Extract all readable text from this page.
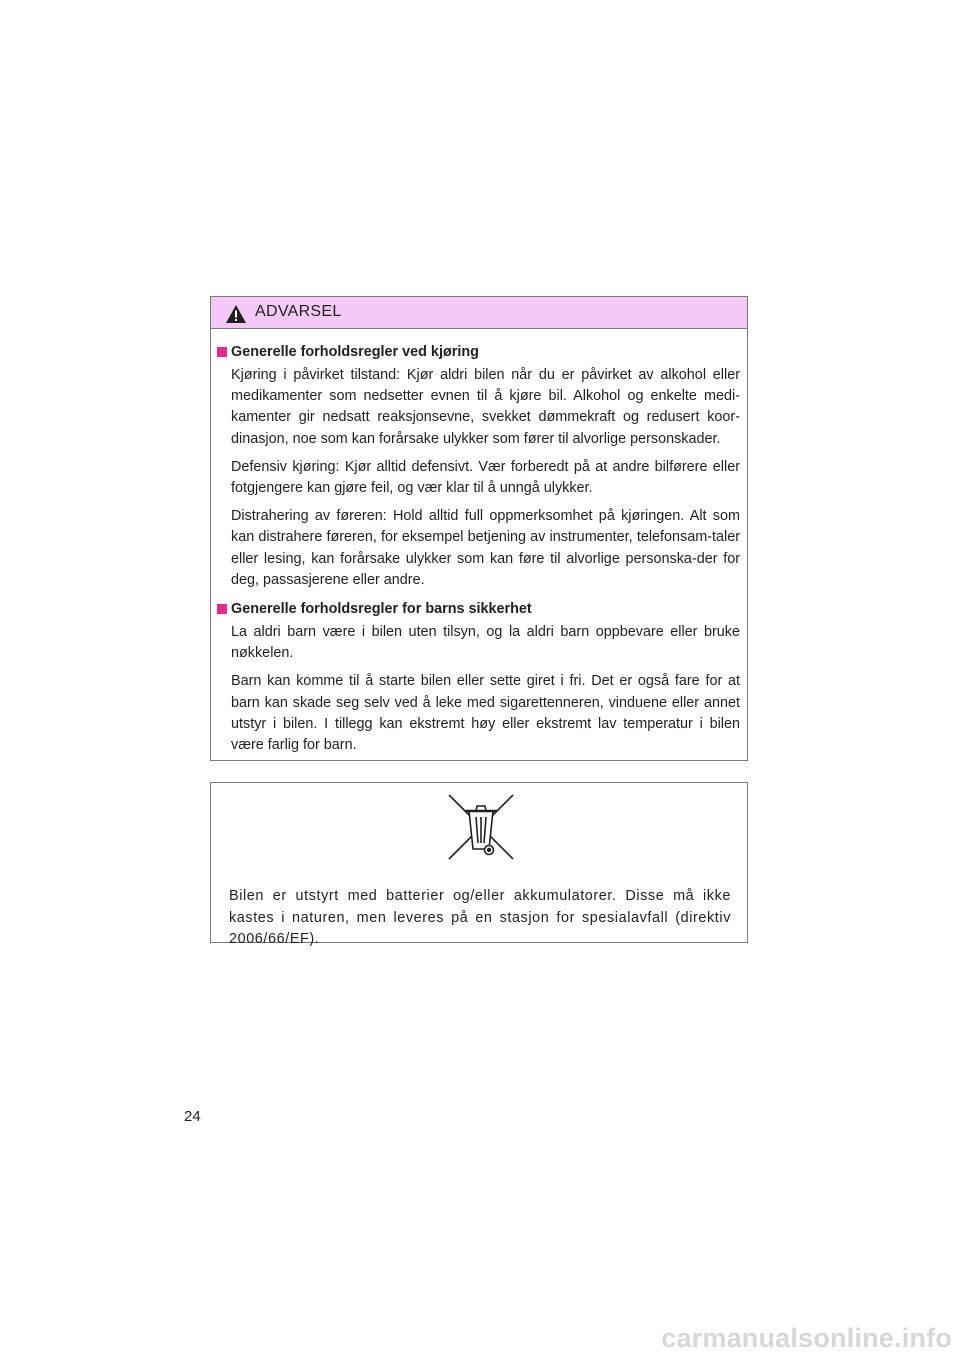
ADVARSEL
Generelle forholdsregler ved kjøring

Kjøring i påvirket tilstand: Kjør aldri bilen når du er påvirket av alkohol eller medikamenter som nedsetter evnen til å kjøre bil. Alkohol og enkelte medi-kamenter gir nedsatt reaksjonsevne, svekket dømmekraft og redusert koor-dinasjon, noe som kan forårsake ulykker som fører til alvorlige personskader.

Defensiv kjøring: Kjør alltid defensivt. Vær forberedt på at andre bilførere eller fotgjengere kan gjøre feil, og vær klar til å unngå ulykker.

Distrahering av føreren: Hold alltid full oppmerksomhet på kjøringen. Alt som kan distrahere føreren, for eksempel betjening av instrumenter, telefonsam-taler eller lesing, kan forårsake ulykker som kan føre til alvorlige personska-der for deg, passasjerene eller andre.

Generelle forholdsregler for barns sikkerhet

La aldri barn være i bilen uten tilsyn, og la aldri barn oppbevare eller bruke nøkkelen.

Barn kan komme til å starte bilen eller sette giret i fri. Det er også fare for at barn kan skade seg selv ved å leke med sigarettenneren, vinduene eller annet utstyr i bilen. I tillegg kan ekstremt høy eller ekstremt lav temperatur i bilen være farlig for barn.

Bilen er utstyrt med batterier og/eller akkumulatorer. Disse må ikke kastes i naturen, men leveres på en stasjon for spesialavfall (direktiv 2006/66/EF).

24
carmanualsonline.info
